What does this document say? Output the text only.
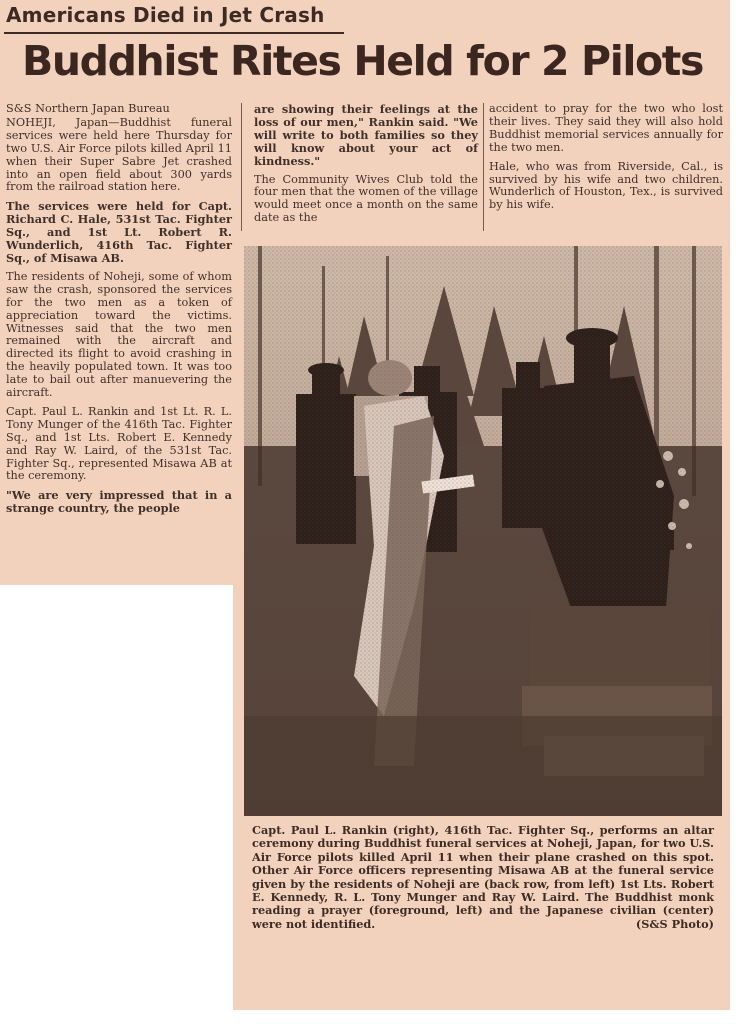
Americans Died in Jet Crash
Buddhist Rites Held for 2 Pilots

S&S Northern Japan Bureau

NOHEJI, Japan—Buddhist funeral services were held here Thursday for two U.S. Air Force pilots killed April 11 when their Super Sabre Jet crashed into an open field about 300 yards from the railroad station here.

The services were held for Capt. Richard C. Hale, 531st Tac. Fighter Sq., and 1st Lt. Robert R. Wunderlich, 416th Tac. Fighter Sq., of Misawa AB.

The residents of Noheji, some of whom saw the crash, sponsored the services for the two men as a token of appreciation toward the victims. Witnesses said that the two men remained with the aircraft and directed its flight to avoid crashing in the heavily populated town. It was too late to bail out after manuevering the aircraft.

Capt. Paul L. Rankin and 1st Lt. R. L. Tony Munger of the 416th Tac. Fighter Sq., and 1st Lts. Robert E. Kennedy and Ray W. Laird, of the 531st Tac. Fighter Sq., represented Misawa AB at the ceremony.

"We are very impressed that in a strange country, the people

are showing their feelings at the loss of our men," Rankin said. "We will write to both families so they will know about your act of kindness."

The Community Wives Club told the four men that the women of the village would meet once a month on the same date as the

accident to pray for the two who lost their lives. They said they will also hold Buddhist memorial services annually for the two men.

Hale, who was from Riverside, Cal., is survived by his wife and two children. Wunderlich of Houston, Tex., is survived by his wife.

Capt. Paul L. Rankin (right), 416th Tac. Fighter Sq., performs an altar ceremony during Buddhist funeral services at Noheji, Japan, for two U.S. Air Force pilots killed April 11 when their plane crashed on this spot. Other Air Force officers representing Misawa AB at the funeral service given by the residents of Noheji are (back row, from left) 1st Lts. Robert E. Kennedy, R. L. Tony Munger and Ray W. Laird. The Buddhist monk reading a prayer (foreground, left) and the Japanese civilian (center) were not identified.	(S&S Photo)
